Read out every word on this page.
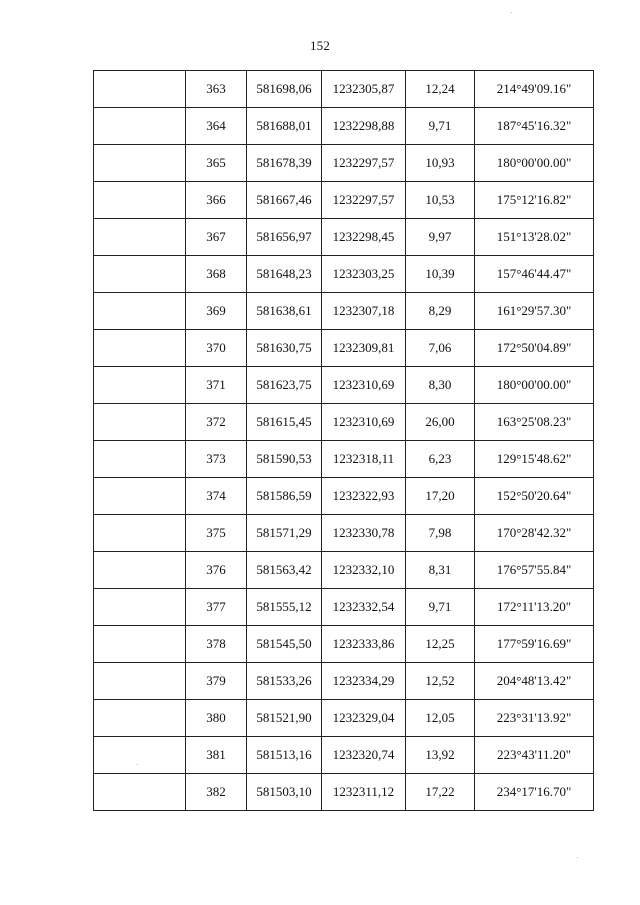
152
	363	581698,06	1232305,87	12,24	214°49'09.16"
	364	581688,01	1232298,88	9,71	187°45'16.32"
	365	581678,39	1232297,57	10,93	180°00'00.00"
	366	581667,46	1232297,57	10,53	175°12'16.82"
	367	581656,97	1232298,45	9,97	151°13'28.02"
	368	581648,23	1232303,25	10,39	157°46'44.47"
	369	581638,61	1232307,18	8,29	161°29'57.30"
	370	581630,75	1232309,81	7,06	172°50'04.89"
	371	581623,75	1232310,69	8,30	180°00'00.00"
	372	581615,45	1232310,69	26,00	163°25'08.23"
	373	581590,53	1232318,11	6,23	129°15'48.62"
	374	581586,59	1232322,93	17,20	152°50'20.64"
	375	581571,29	1232330,78	7,98	170°28'42.32"
	376	581563,42	1232332,10	8,31	176°57'55.84"
	377	581555,12	1232332,54	9,71	172°11'13.20"
	378	581545,50	1232333,86	12,25	177°59'16.69"
	379	581533,26	1232334,29	12,52	204°48'13.42"
	380	581521,90	1232329,04	12,05	223°31'13.92"
	381	581513,16	1232320,74	13,92	223°43'11.20"
	382	581503,10	1232311,12	17,22	234°17'16.70"
